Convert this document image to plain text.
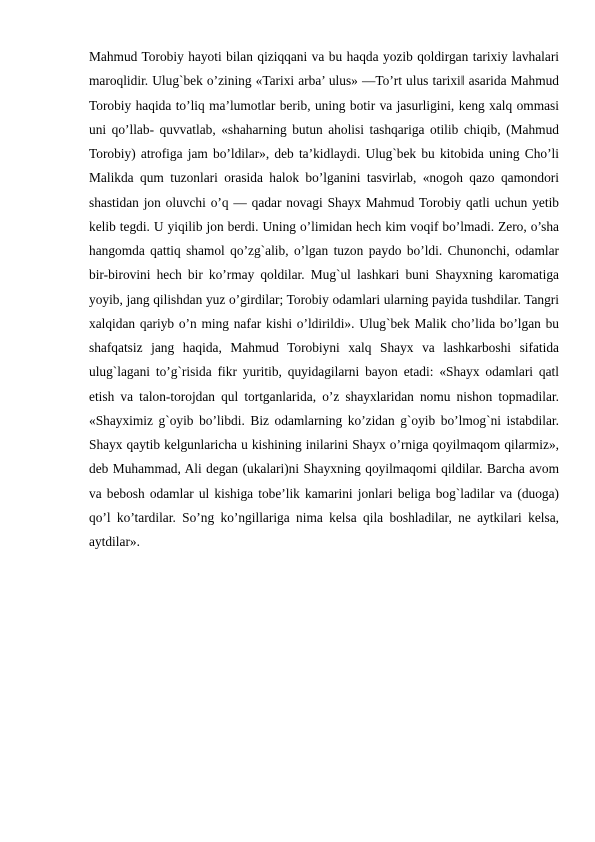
Mahmud Torobiy hayoti bilan qiziqqani va bu haqda yozib qoldirgan tarixiy lavhalari maroqlidir. Ulug`bek o’zining «Tarixi arba’ ulus» ―To’rt ulus tarixi‖ asarida Mahmud Torobiy haqida to’liq ma’lumotlar berib, uning botir va jasurligini, keng xalq ommasi uni qo’llab- quvvatlab, «shaharning butun aholisi tashqariga otilib chiqib, (Mahmud Torobiy) atrofiga jam bo’ldilar», deb ta’kidlaydi. Ulug`bek bu kitobida uning Cho’li Malikda qum tuzonlari orasida halok bo’lganini tasvirlab, «nogoh qazo qamondori shastidan jon oluvchi o’q ― qadar novagi Shayx Mahmud Torobiy qatli uchun yetib kelib tegdi. U yiqilib jon berdi. Uning o’limidan hech kim voqif bo’lmadi. Zero, o’sha hangomda qattiq shamol qo’zg`alib, o’lgan tuzon paydo bo’ldi. Chunonchi, odamlar bir-birovini hech bir ko’rmay qoldilar. Mug`ul lashkari buni Shayxning karomatiga yoyib, jang qilishdan yuz o’girdilar; Torobiy odamlari ularning payida tushdilar. Tangri xalqidan qariyb o’n ming nafar kishi o’ldirildi». Ulug`bek Malik cho’lida bo’lgan bu shafqatsiz jang haqida, Mahmud Torobiyni xalq Shayx va lashkarboshi sifatida ulug`lagani to’g`risida fikr yuritib, quyidagilarni bayon etadi: «Shayx odamlari qatl etish va talon-torojdan qul tortganlarida, o’z shayxlaridan nomu nishon topmadilar. «Shayximiz g`oyib bo’libdi. Biz odamlarning ko’zidan g`oyib bo’lmog`ni istabdilar. Shayx qaytib kelgunlaricha u kishining inilarini Shayx o’rniga qoyilmaqom qilarmiz», deb Muhammad, Ali degan (ukalari)ni Shayxning qoyilmaqomi qildilar. Barcha avom va bebosh odamlar ul kishiga tobe’lik kamarini jonlari beliga bog`ladilar va (duoga) qo’l ko’tardilar. So’ng ko’ngillariga nima kelsa qila boshladilar, ne aytkilari kelsa, aytdilar».
